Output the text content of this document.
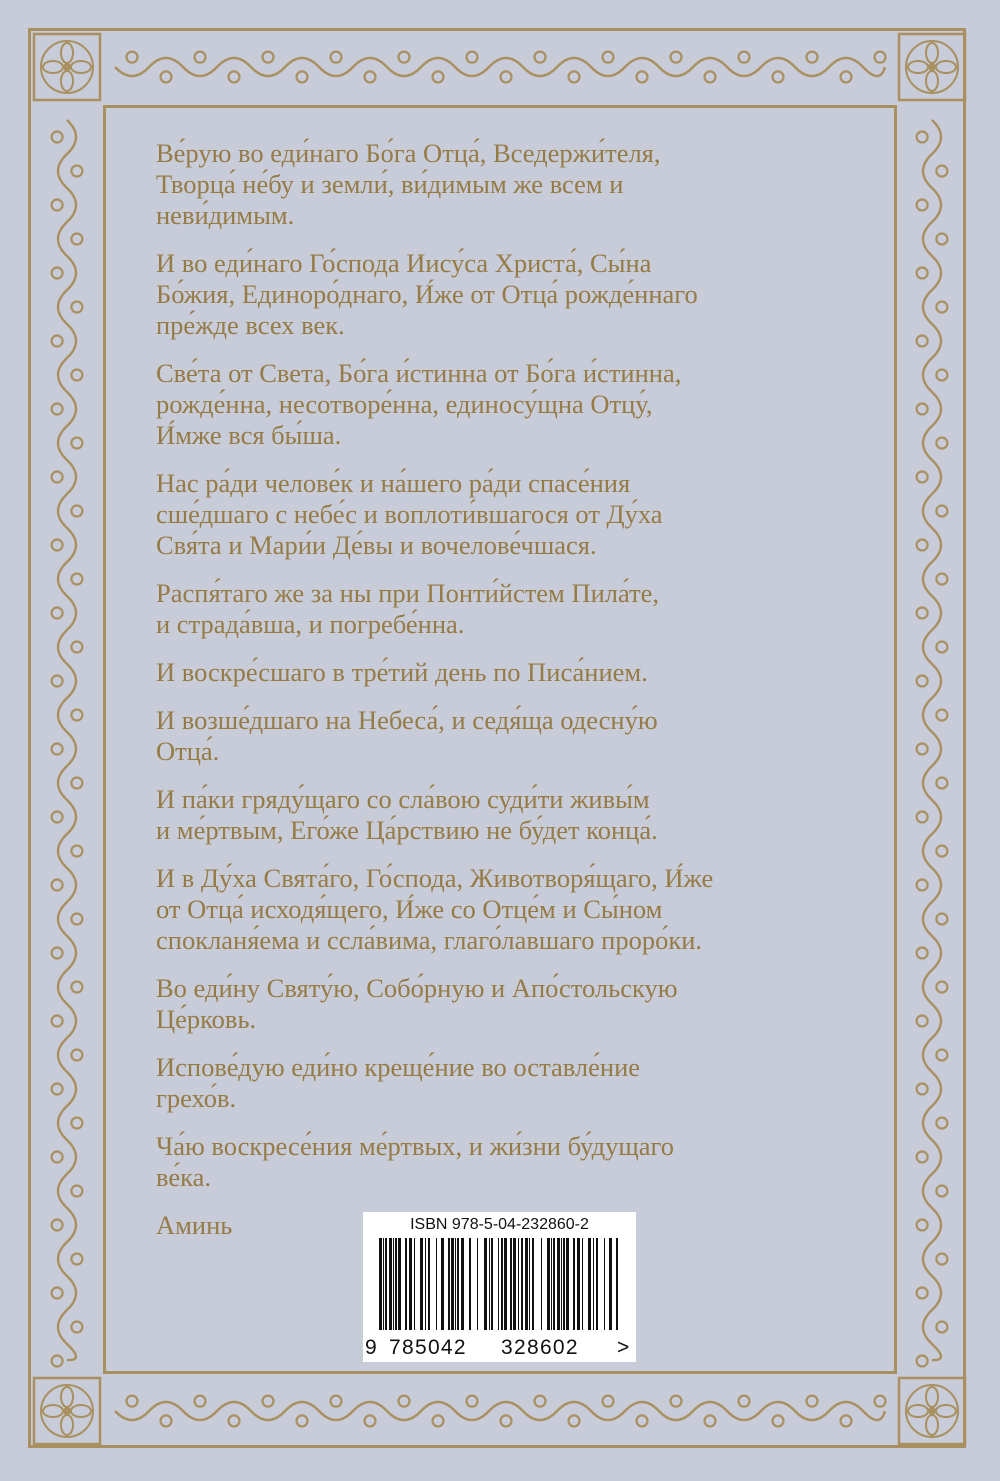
Ве́рую во еди́наго Бо́га Отца́, Вседержи́теля,
Творца́ не́бу и земли́, ви́димым же всем и
неви́димым.

И во еди́наго Го́спода Иису́са Христа́, Сы́на
Бо́жия, Единоро́днаго, И́же от Отца́ рожде́ннаго
пре́жде всех век.

Све́та от Света, Бо́га и́стинна от Бо́га и́стинна,
рожде́нна, несотворе́нна, единосу́щна Отцу́,
И́мже вся бы́ша.

Нас ра́ди челове́к и на́шего ра́ди спасе́ния
сше́дшаго с небе́с и воплоти́вшагося от Ду́ха
Свя́та и Мари́и Де́вы и вочелове́чшася.

Распя́таго же за ны при Понти́йстем Пила́те,
и страда́вша, и погребе́нна.

И воскре́сшаго в тре́тий день по Писа́нием.

И возше́дшаго на Небеса́, и седя́ща одесну́ю
Отца́.

И па́ки гряду́щаго со сла́вою суди́ти живы́м
и ме́ртвым, Его́же Ца́рствию не бу́дет конца́.

И в Ду́ха Свята́го, Го́спода, Животворя́щаго, И́же
от Отца́ исходя́щего, И́же со Отце́м и Сы́ном
спокланя́ема и ссла́вима, глаго́лавшаго проро́ки.

Во еди́ну Святу́ю, Собо́рную и Апо́стольскую
Це́рковь.

Испове́дую еди́но креще́ние во оставле́ние
грехо́в.

Ча́ю воскресе́ния ме́ртвых, и жи́зни бу́дущаго
ве́ка.

Аминь	ISBN 978-5-04-232860-2
9 785042 328602 >
